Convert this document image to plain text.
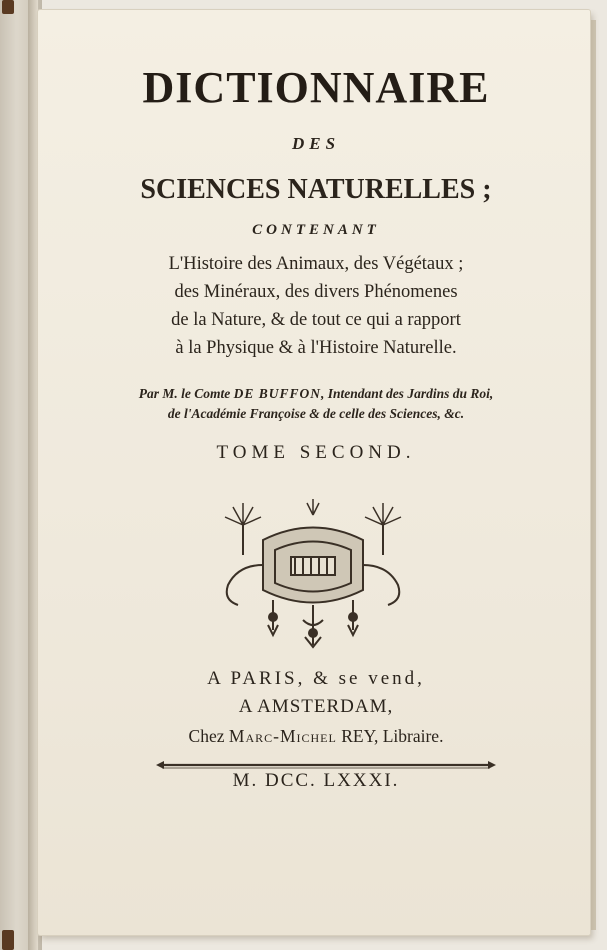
DICTIONNAIRE
DES
SCIENCES NATURELLES ;
CONTENANT
L'Histoire des Animaux, des Végétaux ;
des Minéraux, des divers Phénomenes
de la Nature, & de tout ce qui a rapport
à la Physique & à l'Histoire Naturelle.
Par M. le Comte DE BUFFON, Intendant des Jardins du Roi,
de l'Académie Françoise & de celle des Sciences, &c.
TOME SECOND.
A PARIS, & se vend,
A AMSTERDAM,
Chez Marc-Michel REY, Libraire.
M. DCC. LXXXI.
